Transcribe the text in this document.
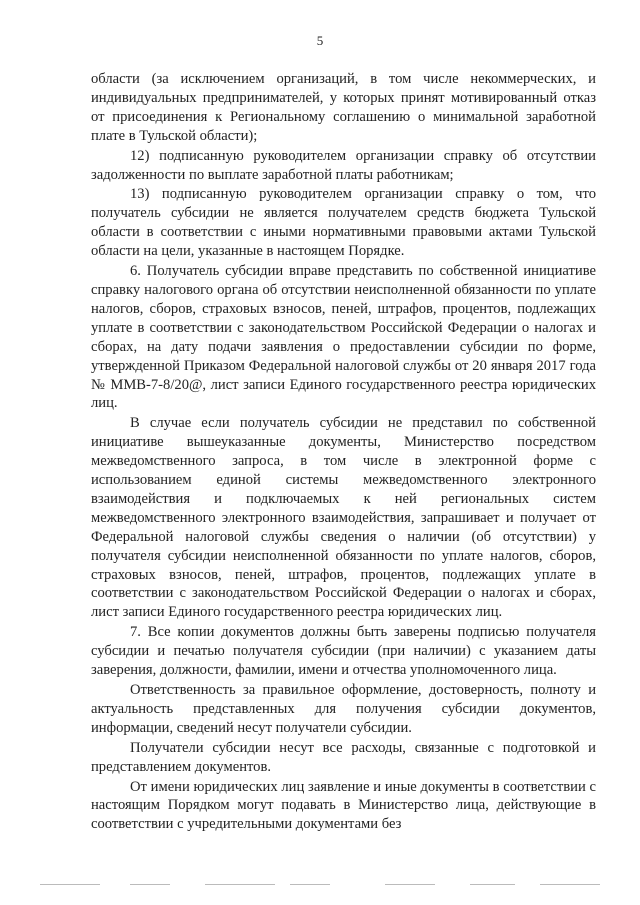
5

области (за исключением организаций, в том числе некоммерческих, и индивидуальных предпринимателей, у которых принят мотивированный отказ от присоединения к Региональному соглашению о минимальной заработной плате в Тульской области);

12) подписанную руководителем организации справку об отсутствии задолженности по выплате заработной платы работникам;

13) подписанную руководителем организации справку о том, что получатель субсидии не является получателем средств бюджета Тульской области в соответствии с иными нормативными правовыми актами Тульской области на цели, указанные в настоящем Порядке.

6. Получатель субсидии вправе представить по собственной инициативе справку налогового органа об отсутствии неисполненной обязанности по уплате налогов, сборов, страховых взносов, пеней, штрафов, процентов, подлежащих уплате в соответствии с законодательством Российской Федерации о налогах и сборах, на дату подачи заявления о предоставлении субсидии по форме, утвержденной Приказом Федеральной налоговой службы от 20 января 2017 года № ММВ-7-8/20@, лист записи Единого государственного реестра юридических лиц.

В случае если получатель субсидии не представил по собственной инициативе вышеуказанные документы, Министерство посредством межведомственного запроса, в том числе в электронной форме с использованием единой системы межведомственного электронного взаимодействия и подключаемых к ней региональных систем межведомственного электронного взаимодействия, запрашивает и получает от Федеральной налоговой службы сведения о наличии (об отсутствии) у получателя субсидии неисполненной обязанности по уплате налогов, сборов, страховых взносов, пеней, штрафов, процентов, подлежащих уплате в соответствии с законодательством Российской Федерации о налогах и сборах, лист записи Единого государственного реестра юридических лиц.

7. Все копии документов должны быть заверены подписью получателя субсидии и печатью получателя субсидии (при наличии) с указанием даты заверения, должности, фамилии, имени и отчества уполномоченного лица.

Ответственность за правильное оформление, достоверность, полноту и актуальность представленных для получения субсидии документов, информации, сведений несут получатели субсидии.

Получатели субсидии несут все расходы, связанные с подготовкой и представлением документов.

От имени юридических лиц заявление и иные документы в соответствии с настоящим Порядком могут подавать в Министерство лица, действующие в соответствии с учредительными документами без
